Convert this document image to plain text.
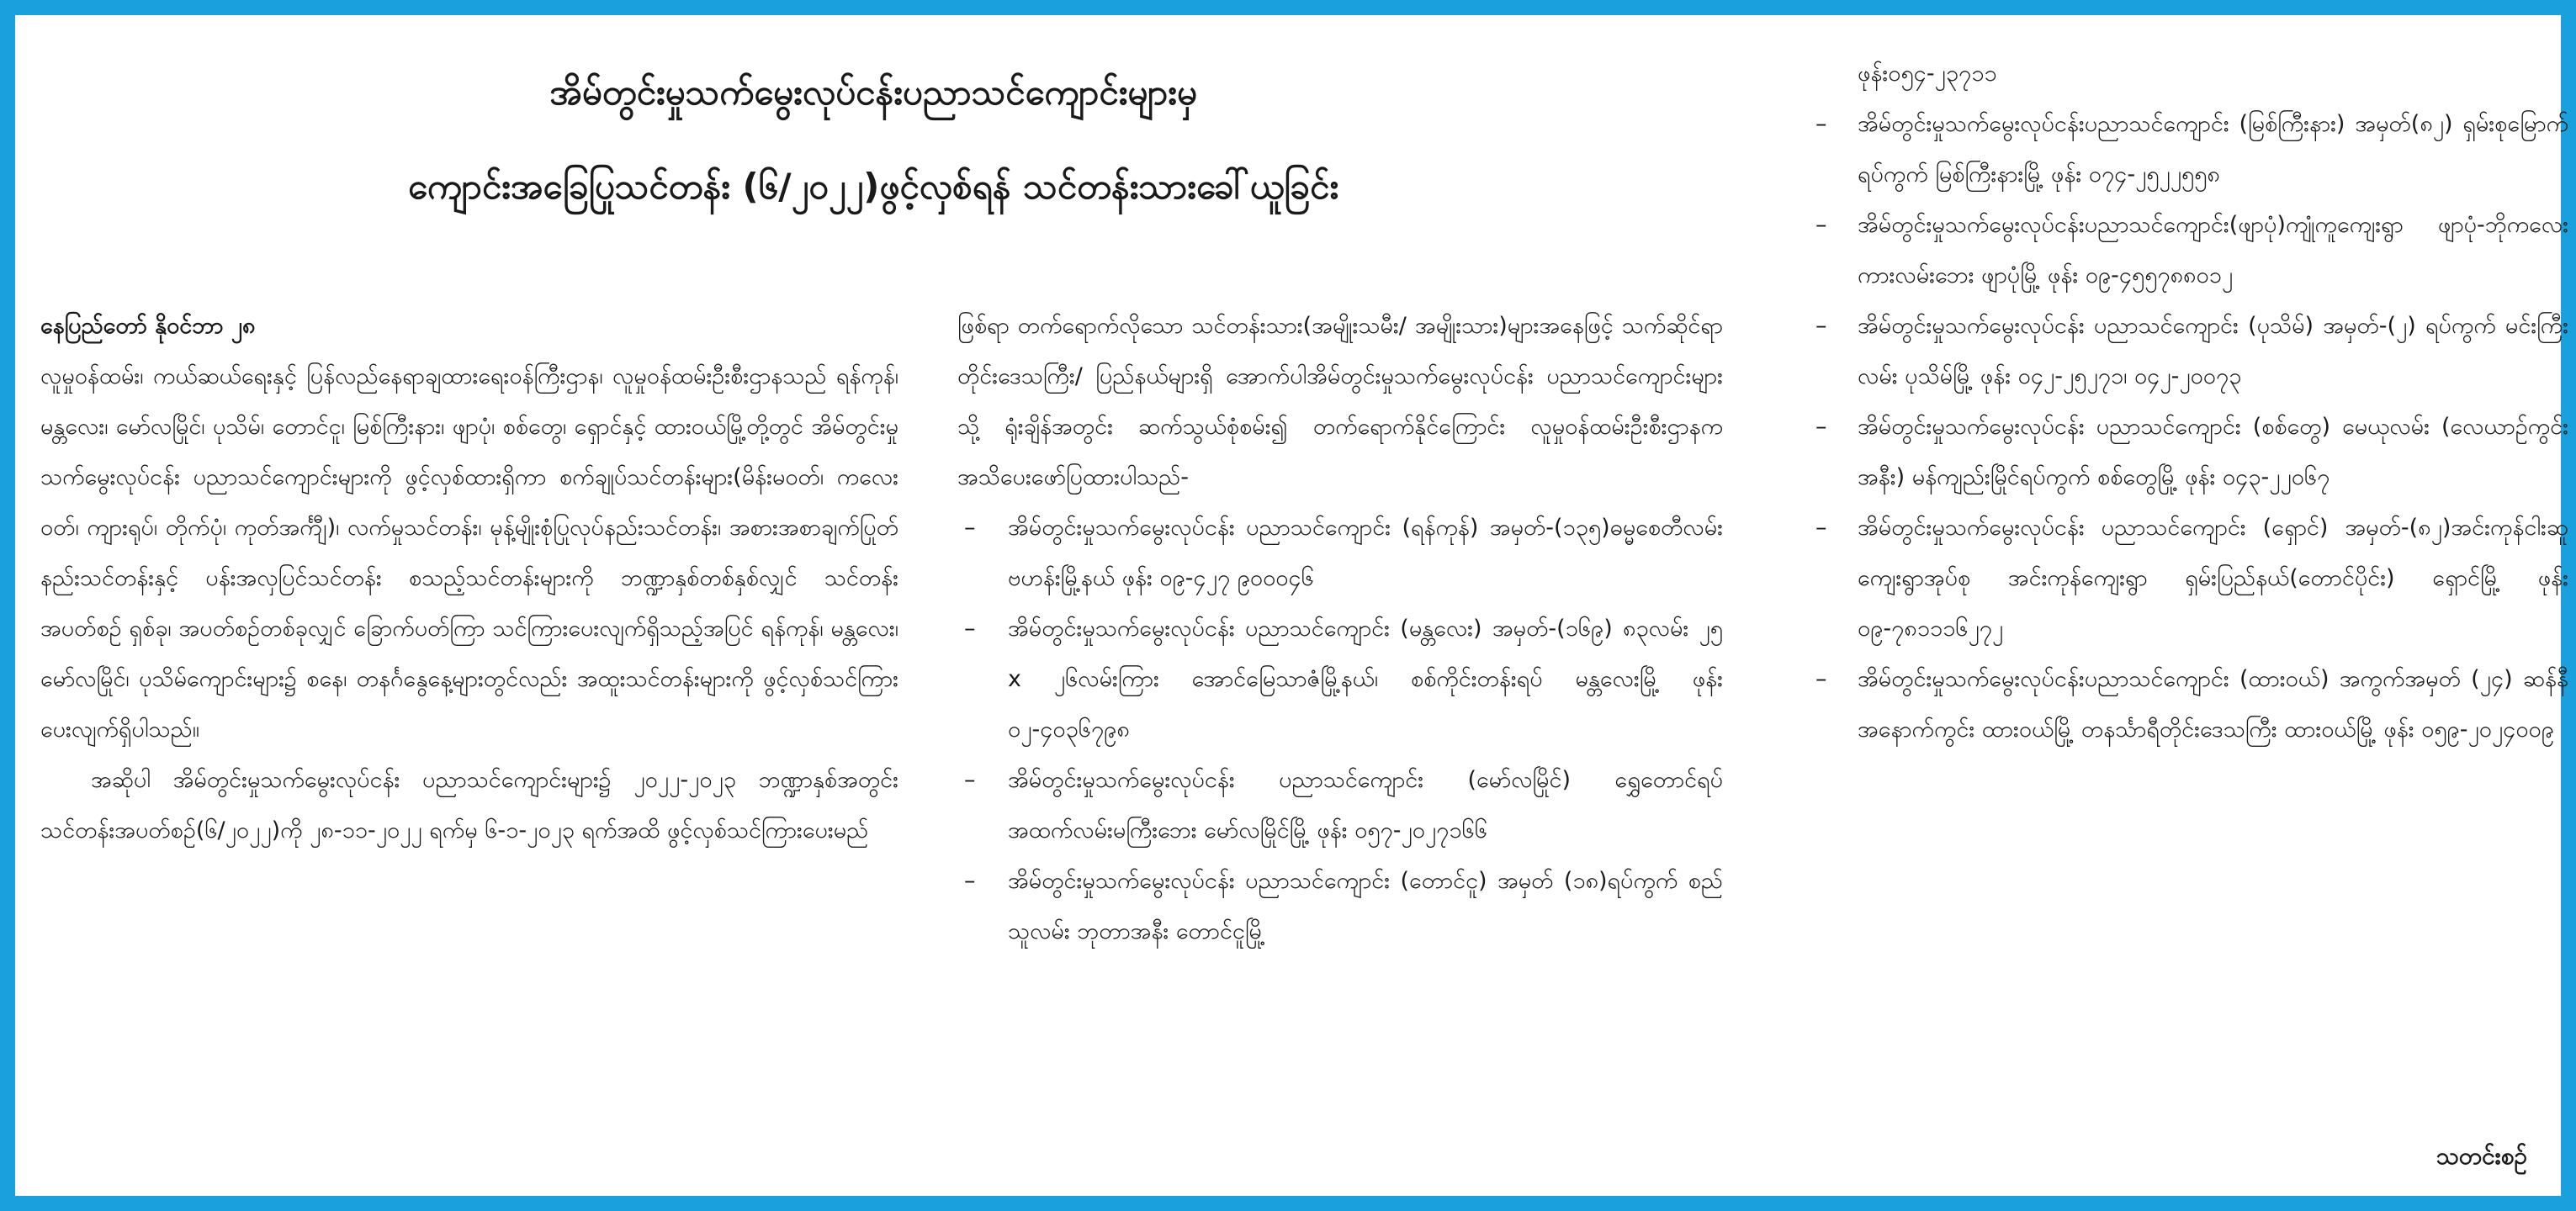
အိမ်တွင်းမှုသက်မွေးလုပ်ငန်းပညာသင်ကျောင်းများမှ
ကျောင်းအခြေပြုသင်တန်း (၆/၂၀၂၂)ဖွင့်လှစ်ရန် သင်တန်းသားခေါ်ယူခြင်း

နေပြည်တော် နိုဝင်ဘာ ၂၈

လူမှုဝန်ထမ်း၊ ကယ်ဆယ်ရေးနှင့် ပြန်လည်နေရာချထားရေးဝန်ကြီးဌာန၊ လူမှုဝန်ထမ်းဦးစီးဌာနသည် ရန်ကုန်၊ မန္တလေး၊ မော်လမြိုင်၊ ပုသိမ်၊ တောင်ငူ၊ မြစ်ကြီးနား၊ ဖျာပုံ၊ စစ်တွေ၊ ရှောင်နှင့် ထားဝယ်မြို့တို့တွင် အိမ်တွင်းမှုသက်မွေးလုပ်ငန်း ပညာသင်ကျောင်းများကို ဖွင့်လှစ်ထားရှိကာ စက်ချုပ်သင်တန်းများ(မိန်းမဝတ်၊ ကလေးဝတ်၊ ကျားရုပ်၊ တိုက်ပုံ၊ ကုတ်အင်္ကျီ)၊ လက်မှုသင်တန်း၊ မုန့်မျိုးစုံပြုလုပ်နည်းသင်တန်း၊ အစားအစာချက်ပြုတ်နည်းသင်တန်းနှင့် ပန်းအလှပြင်သင်တန်း စသည့်သင်တန်းများကို ဘဏ္ဍာနှစ်တစ်နှစ်လျှင် သင်တန်းအပတ်စဉ် ရှစ်ခု၊ အပတ်စဉ်တစ်ခုလျှင် ခြောက်ပတ်ကြာ သင်ကြားပေးလျက်ရှိသည့်အပြင် ရန်ကုန်၊ မန္တလေး၊ မော်လမြိုင်၊ ပုသိမ်ကျောင်းများ၌ စနေ၊ တနင်္ဂနွေနေ့များတွင်လည်း အထူးသင်တန်းများကို ဖွင့်လှစ်သင်ကြားပေးလျက်ရှိပါသည်။

အဆိုပါ အိမ်တွင်းမှုသက်မွေးလုပ်ငန်း ပညာသင်ကျောင်းများ၌ ၂၀၂၂-၂၀၂၃ ဘဏ္ဍာနှစ်အတွင်း သင်တန်းအပတ်စဉ်(၆/၂၀၂၂)ကို ၂၈-၁၁-၂၀၂၂ ရက်မှ ၆-၁-၂၀၂၃ ရက်အထိ ဖွင့်လှစ်သင်ကြားပေးမည်

ဖြစ်ရာ တက်ရောက်လိုသော သင်တန်းသား(အမျိုးသမီး/ အမျိုးသား)များအနေဖြင့် သက်ဆိုင်ရာ တိုင်းဒေသကြီး/ ပြည်နယ်များရှိ အောက်ပါအိမ်တွင်းမှုသက်မွေးလုပ်ငန်း ပညာသင်ကျောင်းများသို့ ရုံးချိန်အတွင်း ဆက်သွယ်စုံစမ်း၍ တက်ရောက်နိုင်ကြောင်း လူမှုဝန်ထမ်းဦးစီးဌာနက အသိပေးဖော်ပြထားပါသည်-
– အိမ်တွင်းမှုသက်မွေးလုပ်ငန်း ပညာသင်ကျောင်း (ရန်ကုန်) အမှတ်-(၁၃၅)ဓမ္မစေတီလမ်း ဗဟန်းမြို့နယ် ဖုန်း ၀၉-၄၂၇ ၉၀၀၀၄၆
– အိမ်တွင်းမှုသက်မွေးလုပ်ငန်း ပညာသင်ကျောင်း (မန္တလေး) အမှတ်-(၁၆၉) ၈၃လမ်း ၂၅ x ၂၆လမ်းကြား အောင်မြေသာဇံမြို့နယ်၊ စစ်ကိုင်းတန်းရပ် မန္တလေးမြို့ ဖုန်း ၀၂-၄၀၃၆၇၉၈
– အိမ်တွင်းမှုသက်မွေးလုပ်ငန်း ပညာသင်ကျောင်း (မော်လမြိုင်) ရွှေတောင်ရပ် အထက်လမ်းမကြီးဘေး မော်လမြိုင်မြို့ ဖုန်း ၀၅၇-၂၀၂၇၁၆၆
– အိမ်တွင်းမှုသက်မွေးလုပ်ငန်း ပညာသင်ကျောင်း (တောင်ငူ) အမှတ် (၁၈)ရပ်ကွက် စည်သူလမ်း ဘုတာအနီး တောင်ငူမြို့
ဖုန်း၀၅၄-၂၃၇၁၁
– အိမ်တွင်းမှုသက်မွေးလုပ်ငန်းပညာသင်ကျောင်း (မြစ်ကြီးနား) အမှတ်(၈၂) ရှမ်းစုမြောက်ရပ်ကွက် မြစ်ကြီးနားမြို့ ဖုန်း ၀၇၄-၂၅၂၂၅၅၈
– အိမ်တွင်းမှုသက်မွေးလုပ်ငန်းပညာသင်ကျောင်း(ဖျာပုံ)ကျုံကူကျေးရွာ ဖျာပုံ-ဘိုကလေးကားလမ်းဘေး ဖျာပုံမြို့ ဖုန်း ၀၉-၄၅၅၇၈၈၀၁၂
– အိမ်တွင်းမှုသက်မွေးလုပ်ငန်း ပညာသင်ကျောင်း (ပုသိမ်) အမှတ်-(၂) ရပ်ကွက် မင်းကြီးလမ်း ပုသိမ်မြို့ ဖုန်း ၀၄၂-၂၅၂၇၁၊ ၀၄၂-၂၀၀၇၃
– အိမ်တွင်းမှုသက်မွေးလုပ်ငန်း ပညာသင်ကျောင်း (စစ်တွေ) မေယုလမ်း (လေယာဉ်ကွင်းအနီး) မန်ကျည်းမြိုင်ရပ်ကွက် စစ်တွေမြို့ ဖုန်း ၀၄၃-၂၂၀၆၇
– အိမ်တွင်းမှုသက်မွေးလုပ်ငန်း ပညာသင်ကျောင်း (ရှောင်) အမှတ်-(၈၂)အင်းကုန်ငါးဆူကျေးရွာအုပ်စု အင်းကုန်ကျေးရွာ ရှမ်းပြည်နယ်(တောင်ပိုင်း) ရှောင်မြို့ ဖုန်း ၀၉-၇၈၁၁၁၆၂၇၂
– အိမ်တွင်းမှုသက်မွေးလုပ်ငန်းပညာသင်ကျောင်း (ထားဝယ်) အကွက်အမှတ် (၂၄) ဆန်နီအနောက်ကွင်း ထားဝယ်မြို့ တနင်္သာရီတိုင်းဒေသကြီး ထားဝယ်မြို့ ဖုန်း ၀၅၉-၂၀၂၄၀၀၉
သတင်းစဉ်
